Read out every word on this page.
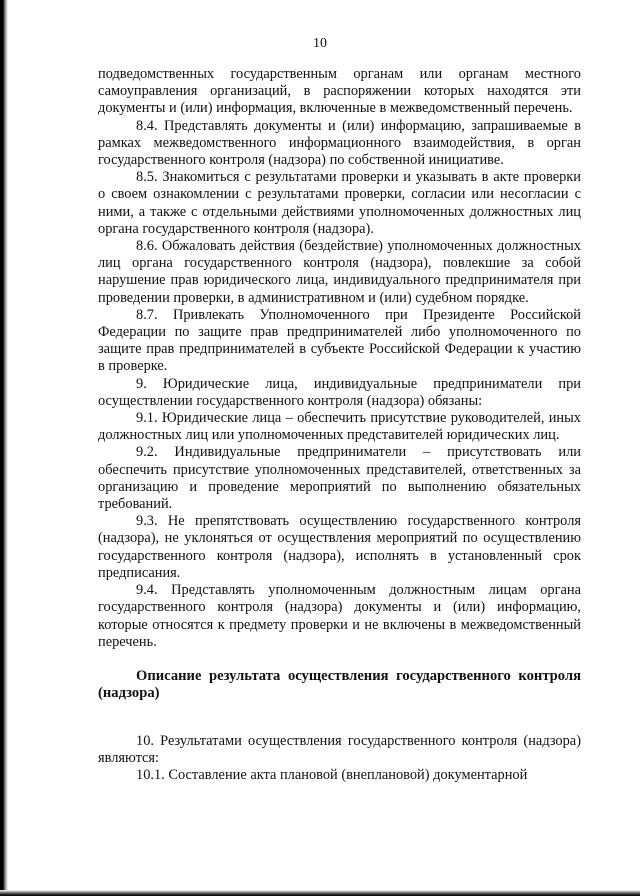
10

подведомственных государственным органам или органам местного самоуправления организаций, в распоряжении которых находятся эти документы и (или) информация, включенные в межведомственный перечень.

8.4. Представлять документы и (или) информацию, запрашиваемые в рамках межведомственного информационного взаимодействия, в орган государственного контроля (надзора) по собственной инициативе.

8.5. Знакомиться с результатами проверки и указывать в акте проверки о своем ознакомлении с результатами проверки, согласии или несогласии с ними, а также с отдельными действиями уполномоченных должностных лиц органа государственного контроля (надзора).

8.6. Обжаловать действия (бездействие) уполномоченных должностных лиц органа государственного контроля (надзора), повлекшие за собой нарушение прав юридического лица, индивидуального предпринимателя при проведении проверки, в административном и (или) судебном порядке.

8.7. Привлекать Уполномоченного при Президенте Российской Федерации по защите прав предпринимателей либо уполномоченного по защите прав предпринимателей в субъекте Российской Федерации к участию в проверке.

9. Юридические лица, индивидуальные предприниматели при осуществлении государственного контроля (надзора) обязаны:

9.1. Юридические лица – обеспечить присутствие руководителей, иных должностных лиц или уполномоченных представителей юридических лиц.

9.2. Индивидуальные предприниматели – присутствовать или обеспечить присутствие уполномоченных представителей, ответственных за организацию и проведение мероприятий по выполнению обязательных требований.

9.3. Не препятствовать осуществлению государственного контроля (надзора), не уклоняться от осуществления мероприятий по осуществлению государственного контроля (надзора), исполнять в установленный срок предписания.

9.4. Представлять уполномоченным должностным лицам органа государственного контроля (надзора) документы и (или) информацию, которые относятся к предмету проверки и не включены в межведомственный перечень.

Описание результата осуществления государственного контроля (надзора)

10. Результатами осуществления государственного контроля (надзора) являются:

10.1. Составление акта плановой (внеплановой) документарной
